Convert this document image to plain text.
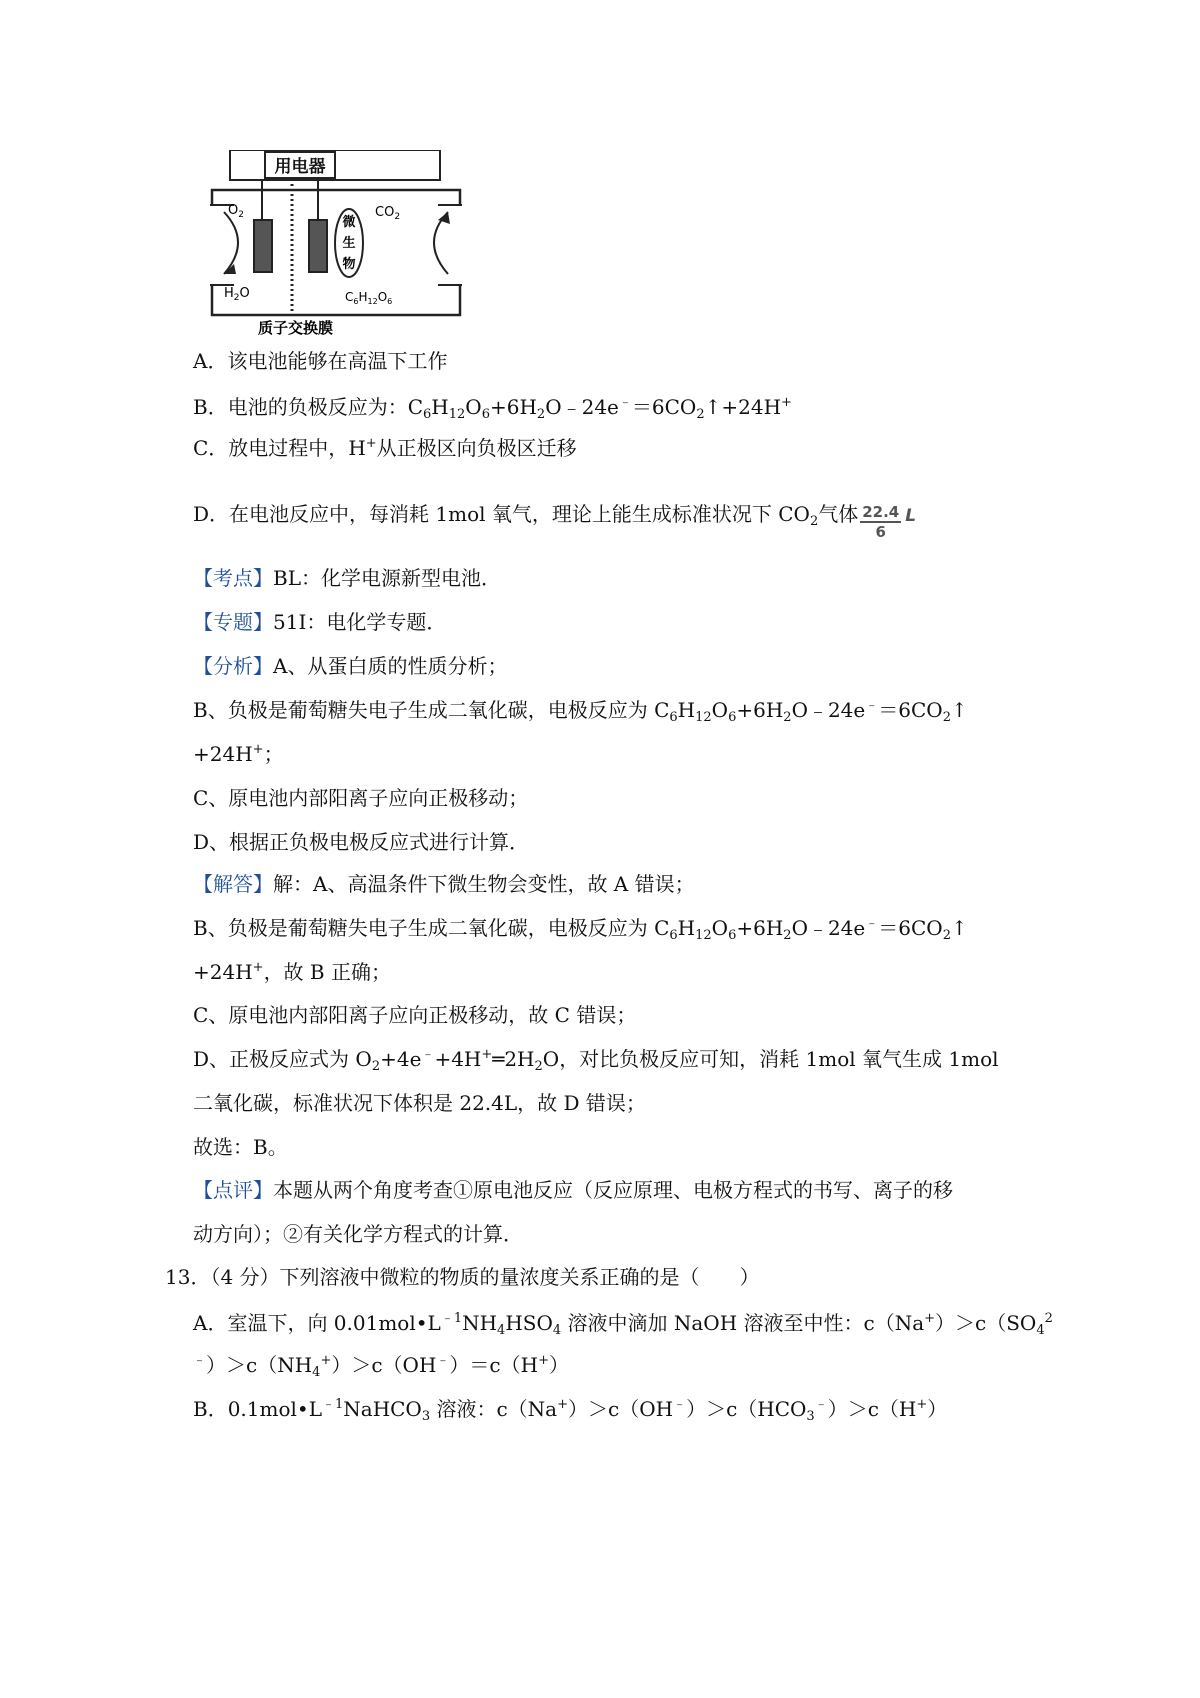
用电器
微
生
物
$O_2$
$H_2O$
$CO_2$
$C_6H_{12}O_6$
质子交换膜
A．该电池能够在高温下工作
B．电池的负极反应为：$C_6H_{12}O_6+6H_2O﹣24e^﹣=6CO_2↑+24H^+$
C．放电过程中，H+从正极区向负极区迁移
D．在电池反应中，每消耗 1mol 氧气，理论上能生成标准状况下 $CO_2$气体 $\frac{22.4}{6}$ L
【考点】BL：化学电源新型电池．
【专题】51I：电化学专题．
【分析】A、从蛋白质的性质分析；
B、负极是葡萄糖失电子生成二氧化碳，电极反应为 $C_6H_{12}O_6+6H_2O﹣24e^﹣=6CO_2↑$
+24H+；
C、原电池内部阳离子应向正极移动；
D、根据正负极电极反应式进行计算．
【解答】解：A、高温条件下微生物会变性，故 A 错误；
B、负极是葡萄糖失电子生成二氧化碳，电极反应为 $C_6H_{12}O_6+6H_2O﹣24e^﹣=6CO_2↑$
+24H+，故 B 正确；
C、原电池内部阳离子应向正极移动，故 C 错误；
D、正极反应式为 $O_2+4e^﹣+4H^+═2H_2O$，对比负极反应可知，消耗 1mol 氧气生成 1mol
二氧化碳，标准状况下体积是 22.4L，故 D 错误；
故选：B。
【点评】本题从两个角度考查①原电池反应（反应原理、电极方程式的书写、离子的移
动方向）；②有关化学方程式的计算．
13．（4 分）下列溶液中微粒的物质的量浓度关系正确的是（　　）
A．室温下，向 $0.01mol•L^{﹣1}NH_4HSO_4$ 溶液中滴加 NaOH 溶液至中性：$c(Na^+)>c(SO_4^2$
$^﹣)>c(NH_4^+)>c(OH^﹣)=c(H^+)$
B．$0.1mol•L^{﹣1}NaHCO_3$ 溶液：$c(Na^+)>c(OH^﹣)>c(HCO_3^﹣)>c(H^+)$
